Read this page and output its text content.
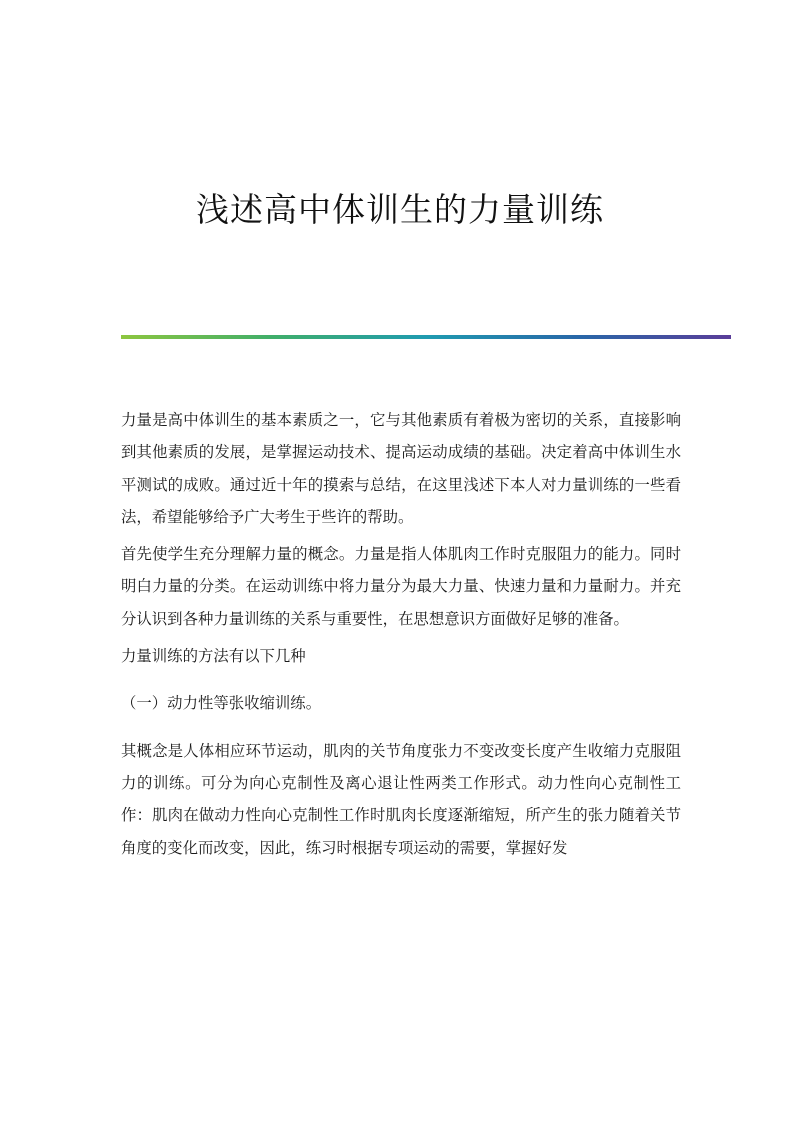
浅述高中体训生的力量训练

力量是高中体训生的基本素质之一，它与其他素质有着极为密切的关系，直接影响到其他素质的发展，是掌握运动技术、提高运动成绩的基础。决定着高中体训生水平测试的成败。通过近十年的摸索与总结，在这里浅述下本人对力量训练的一些看法，希望能够给予广大考生于些许的帮助。

首先使学生充分理解力量的概念。力量是指人体肌肉工作时克服阻力的能力。同时明白力量的分类。在运动训练中将力量分为最大力量、快速力量和力量耐力。并充分认识到各种力量训练的关系与重要性，在思想意识方面做好足够的准备。

力量训练的方法有以下几种

（一）动力性等张收缩训练。

其概念是人体相应环节运动，肌肉的关节角度张力不变改变长度产生收缩力克服阻力的训练。可分为向心克制性及离心退让性两类工作形式。动力性向心克制性工作：肌肉在做动力性向心克制性工作时肌肉长度逐渐缩短，所产生的张力随着关节角度的变化而改变，因此，练习时根据专项运动的需要，掌握好发
